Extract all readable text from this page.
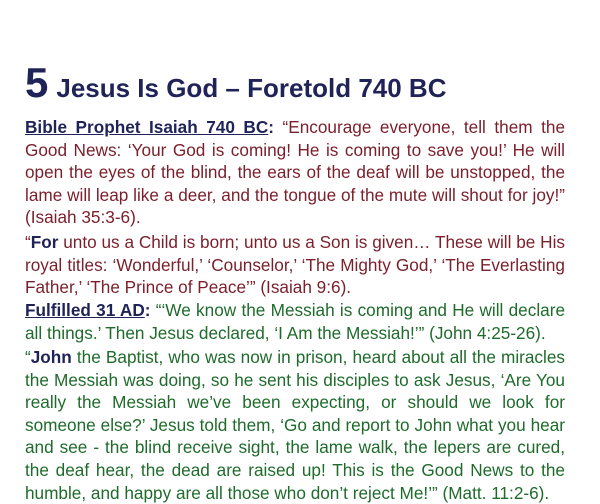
5 Jesus Is God – Foretold 740 BC
Bible Prophet Isaiah 740 BC: “Encourage everyone, tell them the Good News: ‘Your God is coming! He is coming to save you!’ He will open the eyes of the blind, the ears of the deaf will be unstopped, the lame will leap like a deer, and the tongue of the mute will shout for joy!” (Isaiah 35:3-6).
“For unto us a Child is born; unto us a Son is given… These will be His royal titles: ‘Wonderful,’ ‘Counselor,’ ‘The Mighty God,’ ‘The Everlasting Father,’ ‘The Prince of Peace’” (Isaiah 9:6).
Fulfilled 31 AD: “‘We know the Messiah is coming and He will declare all things.’ Then Jesus declared, ‘I Am the Messiah!’” (John 4:25-26).
“John the Baptist, who was now in prison, heard about all the miracles the Messiah was doing, so he sent his disciples to ask Jesus, ‘Are You really the Messiah we’ve been expecting, or should we look for someone else?’ Jesus told them, ‘Go and report to John what you hear and see - the blind receive sight, the lame walk, the lepers are cured, the deaf hear, the dead are raised up! This is the Good News to the humble, and happy are all those who don’t reject Me!’” (Matt. 11:2-6).
